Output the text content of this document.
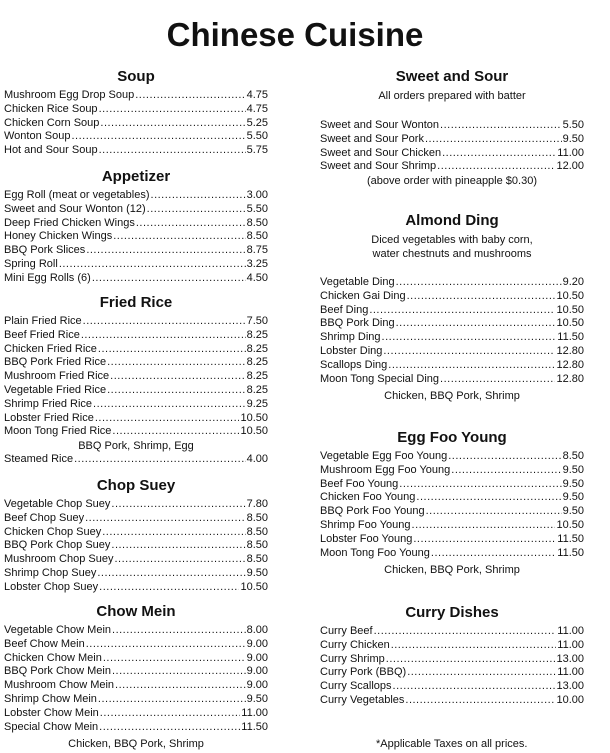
Chinese Cuisine
Soup
Mushroom Egg Drop Soup .....	4.75
Chicken Rice Soup .....	4.75
Chicken Corn Soup .....	5.25
Wonton Soup .....	5.50
Hot and Sour Soup .....	5.75
Appetizer
Egg Roll (meat or vegetables) .....	3.00
Sweet and Sour Wonton (12) .....	5.50
Deep Fried Chicken Wings .....	8.50
Honey Chicken Wings .....	8.50
BBQ Pork Slices .....	8.75
Spring Roll .....	3.25
Mini Egg Rolls (6) .....	4.50
Fried Rice
Plain Fried Rice .....	7.50
Beef Fried Rice .....	8.25
Chicken Fried Rice .....	8.25
BBQ Pork Fried Rice .....	8.25
Mushroom Fried Rice .....	8.25
Vegetable Fried Rice .....	8.25
Shrimp Fried Rice .....	9.25
Lobster Fried Rice .....	10.50
Moon Tong Fried Rice .....	10.50
BBQ Pork, Shrimp, Egg
Steamed Rice .....	4.00
Chop Suey
Vegetable Chop Suey .....	7.80
Beef Chop Suey .....	8.50
Chicken Chop Suey .....	8.50
BBQ Pork Chop Suey .....	8.50
Mushroom Chop Suey .....	8.50
Shrimp Chop Suey .....	9.50
Lobster Chop Suey .....	10.50
Chow Mein
Vegetable Chow Mein .....	8.00
Beef Chow Mein .....	9.00
Chicken Chow Mein .....	9.00
BBQ Pork Chow Mein .....	9.00
Mushroom Chow Mein .....	9.00
Shrimp Chow Mein .....	9.50
Lobster Chow Mein .....	11.00
Special Chow Mein .....	11.50
Chicken, BBQ Pork, Shrimp
Sweet and Sour
All orders prepared with batter
Sweet and Sour Wonton .....	5.50
Sweet and Sour Pork .....	9.50
Sweet and Sour Chicken .....	11.00
Sweet and Sour Shrimp .....	12.00
(above order with pineapple $0.30)
Almond Ding
Diced vegetables with baby corn,
water chestnuts and mushrooms
Vegetable Ding .....	9.20
Chicken Gai Ding .....	10.50
Beef Ding .....	10.50
BBQ Pork Ding .....	10.50
Shrimp Ding .....	11.50
Lobster Ding .....	12.80
Scallops Ding .....	12.80
Moon Tong Special Ding .....	12.80
Chicken, BBQ Pork, Shrimp
Egg Foo Young
Vegetable Egg Foo Young .....	8.50
Mushroom Egg Foo Young .....	9.50
Beef Foo Young .....	9.50
Chicken Foo Young .....	9.50
BBQ Pork Foo Young .....	9.50
Shrimp Foo Young .....	10.50
Lobster Foo Young .....	11.50
Moon Tong Foo Young .....	11.50
Chicken, BBQ Pork, Shrimp
Curry Dishes
Curry Beef .....	11.00
Curry Chicken .....	11.00
Curry Shrimp .....	13.00
Curry Pork (BBQ) .....	11.00
Curry Scallops .....	13.00
Curry Vegetables .....	10.00
*Applicable Taxes on all prices.
